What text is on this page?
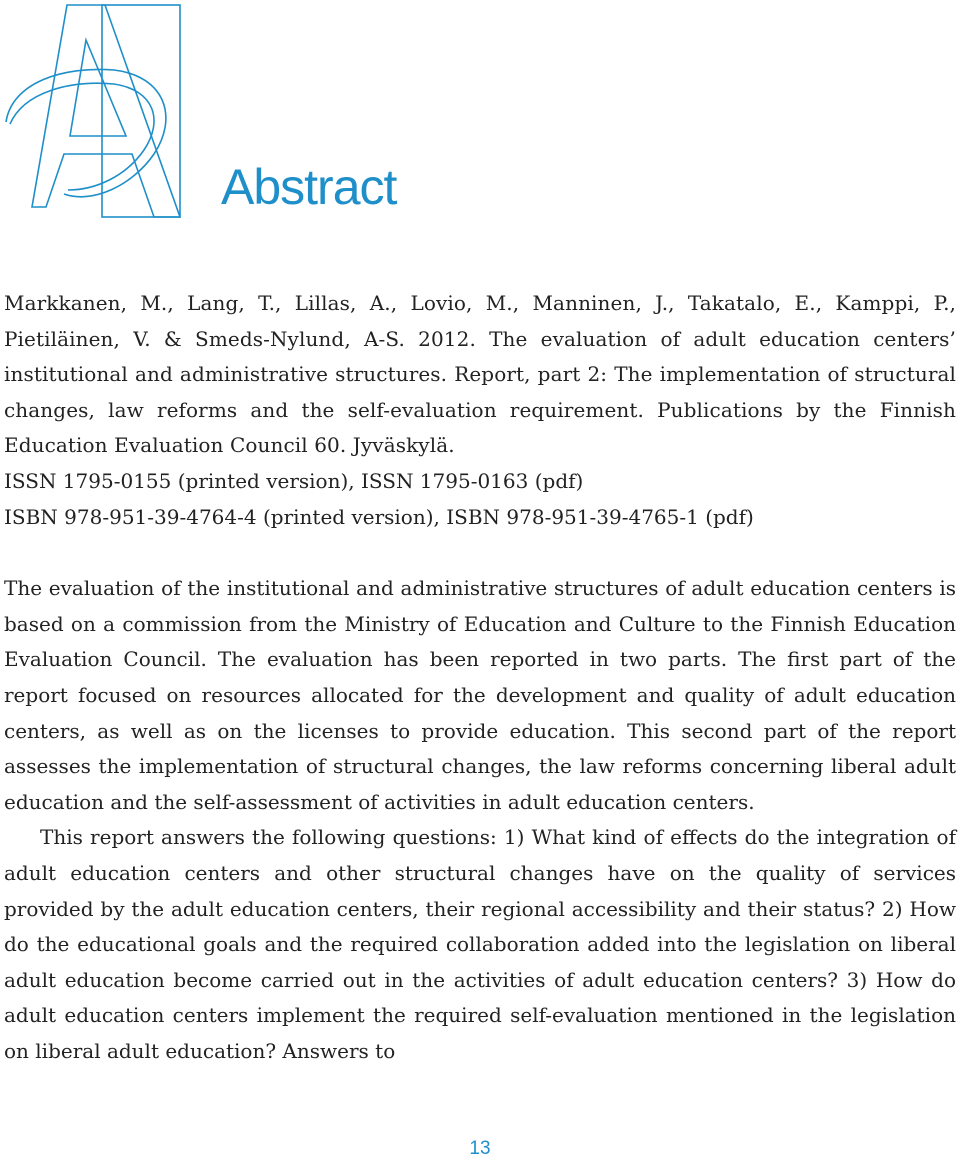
Abstract

Markkanen, M., Lang, T., Lillas, A., Lovio, M., Manninen, J., Takatalo, E., Kamppi, P., Pietiläinen, V. & Smeds-Nylund, A-S. 2012. The evaluation of adult education centers’ institutional and administrative structures. Report, part 2: The implementation of structural changes, law reforms and the self-evaluation requirement. Publications by the Finnish Education Evaluation Council 60. Jyväskylä.

ISSN 1795-0155 (printed version), ISSN 1795-0163 (pdf)

ISBN 978-951-39-4764-4 (printed version), ISBN 978-951-39-4765-1 (pdf)

The evaluation of the institutional and administrative structures of adult education centers is based on a commission from the Ministry of Education and Culture to the Finnish Education Evaluation Council. The evaluation has been reported in two parts. The first part of the report focused on resources allocated for the development and quality of adult education centers, as well as on the licenses to provide education. This second part of the report assesses the implementation of structural changes, the law reforms concerning liberal adult education and the self-assessment of activities in adult education centers.

This report answers the following questions: 1) What kind of effects do the integration of adult education centers and other structural changes have on the quality of services provided by the adult education centers, their regional accessibility and their status? 2) How do the educational goals and the required collaboration added into the legislation on liberal adult education become carried out in the activities of adult education centers? 3) How do adult education centers implement the required self-evaluation mentioned in the legislation on liberal adult education? Answers to

13
